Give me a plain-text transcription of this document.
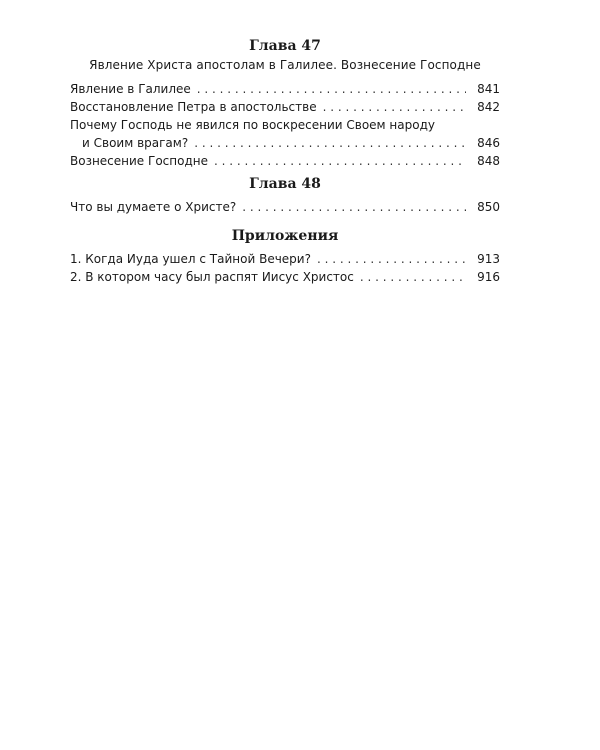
Глава 47
Явление Христа апостолам в Галилее. Вознесение Господне
Явление в Галилее . . .	841
Восстановление Петра в апостольстве . . .	842
Почему Господь не явился по воскресении Своем народу
и Своим врагам? . . .	846
Вознесение Господне . . .	848
Глава 48
Что вы думаете о Христе? . . .	850
Приложения
1. Когда Иуда ушел с Тайной Вечери? . . .	913
2. В котором часу был распят Иисус Христос . . .	916
